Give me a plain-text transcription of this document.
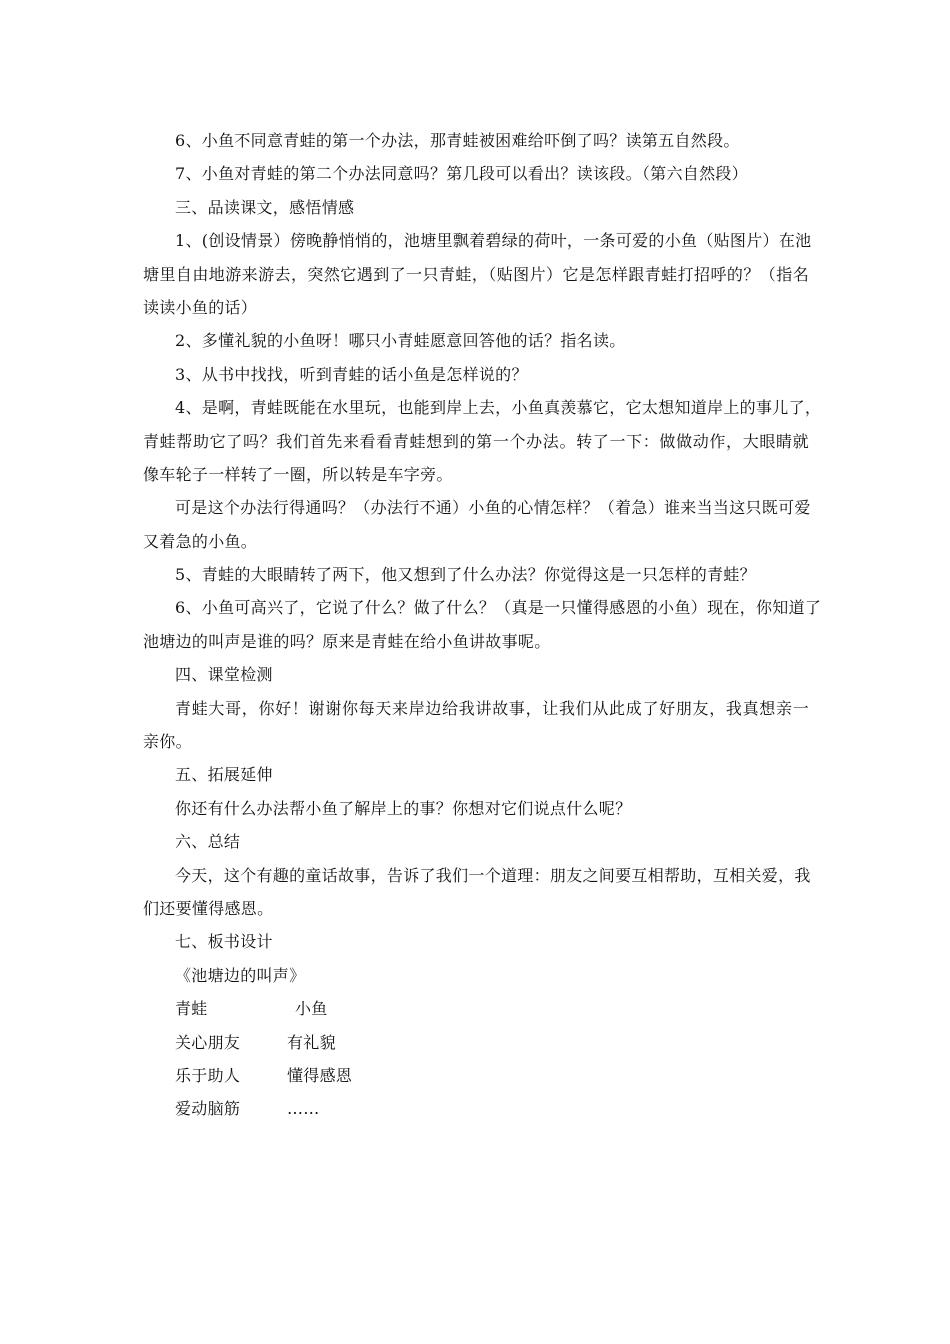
6、小鱼不同意青蛙的第一个办法，那青蛙被困难给吓倒了吗？读第五自然段。
7、小鱼对青蛙的第二个办法同意吗？第几段可以看出？读该段。（第六自然段）
三、品读课文，感悟情感
1、(创设情景）傍晚静悄悄的，池塘里飘着碧绿的荷叶，一条可爱的小鱼（贴图片）在池
塘里自由地游来游去，突然它遇到了一只青蛙，（贴图片）它是怎样跟青蛙打招呼的？（指名
读读小鱼的话）
2、多懂礼貌的小鱼呀！哪只小青蛙愿意回答他的话？指名读。
3、从书中找找，听到青蛙的话小鱼是怎样说的？
4、是啊，青蛙既能在水里玩，也能到岸上去，小鱼真羡慕它，它太想知道岸上的事儿了，
青蛙帮助它了吗？我们首先来看看青蛙想到的第一个办法。转了一下：做做动作，大眼睛就
像车轮子一样转了一圈，所以转是车字旁。
可是这个办法行得通吗？（办法行不通）小鱼的心情怎样？（着急）谁来当当这只既可爱
又着急的小鱼。
5、青蛙的大眼睛转了两下，他又想到了什么办法？你觉得这是一只怎样的青蛙？
6、小鱼可高兴了，它说了什么？做了什么？（真是一只懂得感恩的小鱼）现在，你知道了
池塘边的叫声是谁的吗？原来是青蛙在给小鱼讲故事呢。
四、课堂检测
青蛙大哥，你好！谢谢你每天来岸边给我讲故事，让我们从此成了好朋友，我真想亲一
亲你。
五、拓展延伸
你还有什么办法帮小鱼了解岸上的事？你想对它们说点什么呢？
六、总结
今天，这个有趣的童话故事，告诉了我们一个道理：朋友之间要互相帮助，互相关爱，我
们还要懂得感恩。
七、板书设计
《池塘边的叫声》
青蛙	小鱼
关心朋友	有礼貌
乐于助人	懂得感恩
爱动脑筋	……
